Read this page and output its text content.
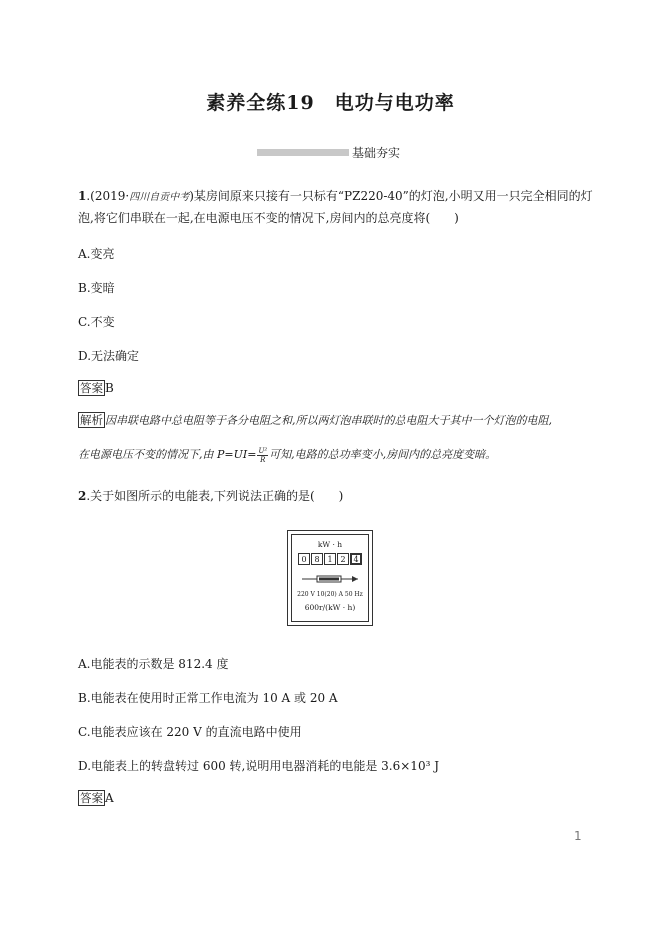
素养全练19　电功与电功率
基础夯实
1.(2019·四川自贡中考)某房间原来只接有一只标有“PZ220-40”的灯泡,小明又用一只完全相同的灯
泡,将它们串联在一起,在电源电压不变的情况下,房间内的总亮度将(　　)
A.变亮
B.变暗
C.不变
D.无法确定
答案 B
解析 因串联电路中总电阻等于各分电阻之和,所以两灯泡串联时的总电阻大于其中一个灯泡的电阻,
在电源电压不变的情况下,由 $P=UI= \frac{\text{U²}}{R}$ 可知,电路的总功率变小,房间内的总亮度变暗。
2.关于如图所示的电能表,下列说法正确的是(　　)
kW · h
0 8 1 2 4
220 V 10(20) A 50 Hz
600r/(kW · h)
A.电能表的示数是 812.4 度
B.电能表在使用时正常工作电流为 10 A 或 20 A
C.电能表应该在 220 V 的直流电路中使用
D.电能表上的转盘转过 600 转,说明用电器消耗的电能是 3.6×10³ J
答案 A
1
